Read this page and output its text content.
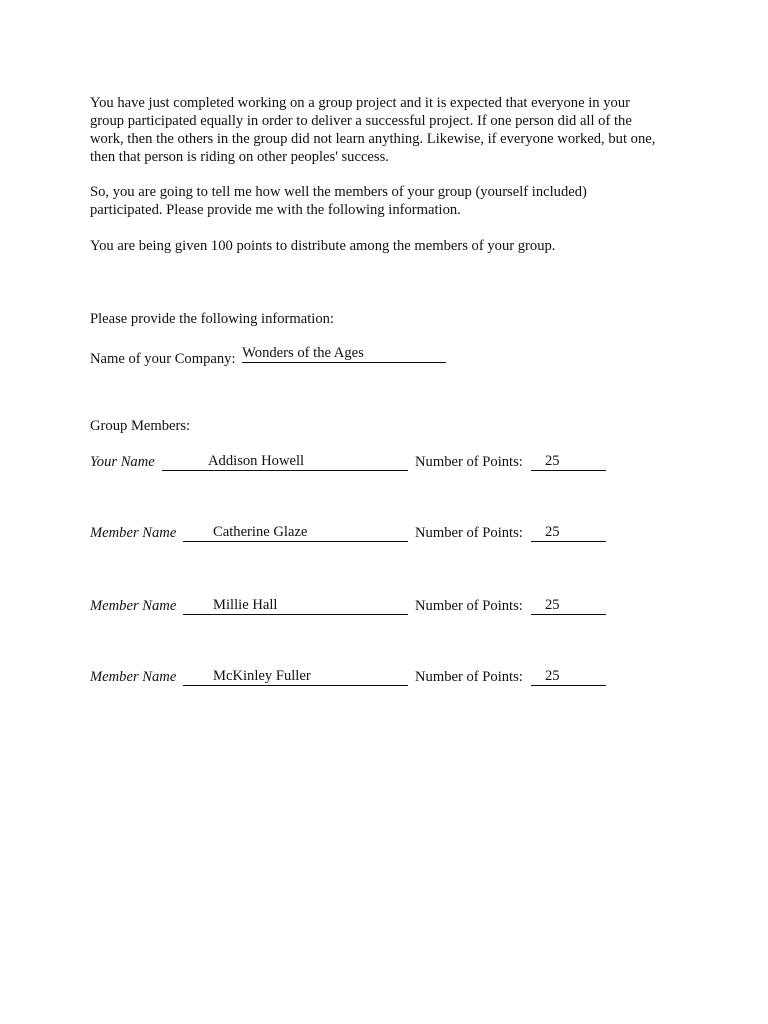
You have just completed working on a group project and it is expected that everyone in your
group participated equally in order to deliver a successful project. If one person did all of the
work, then the others in the group did not learn anything. Likewise, if everyone worked, but one,
then that person is riding on other peoples' success.

So, you are going to tell me how well the members of your group (yourself included)
participated. Please provide me with the following information.

You are being given 100 points to distribute among the members of your group.

Please provide the following information:
Name of your Company: Wonders of the Ages
Group Members:
Your Name	Addison Howell	Number of Points: 25
Member Name	Catherine Glaze	Number of Points: 25
Member Name	Millie Hall	Number of Points: 25
Member Name	McKinley Fuller	Number of Points: 25
